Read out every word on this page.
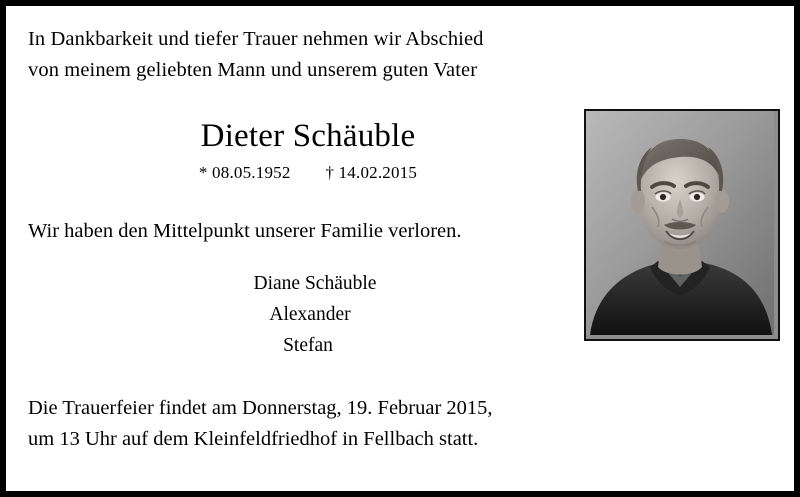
In Dankbarkeit und tiefer Trauer nehmen wir Abschied
von meinem geliebten Mann und unserem guten Vater
Dieter Schäuble
* 08.05.1952 † 14.02.2015
Wir haben den Mittelpunkt unserer Familie verloren.
Diane Schäuble
Alexander
Stefan
Die Trauerfeier findet am Donnerstag, 19. Februar 2015,
um 13 Uhr auf dem Kleinfeldfriedhof in Fellbach statt.
